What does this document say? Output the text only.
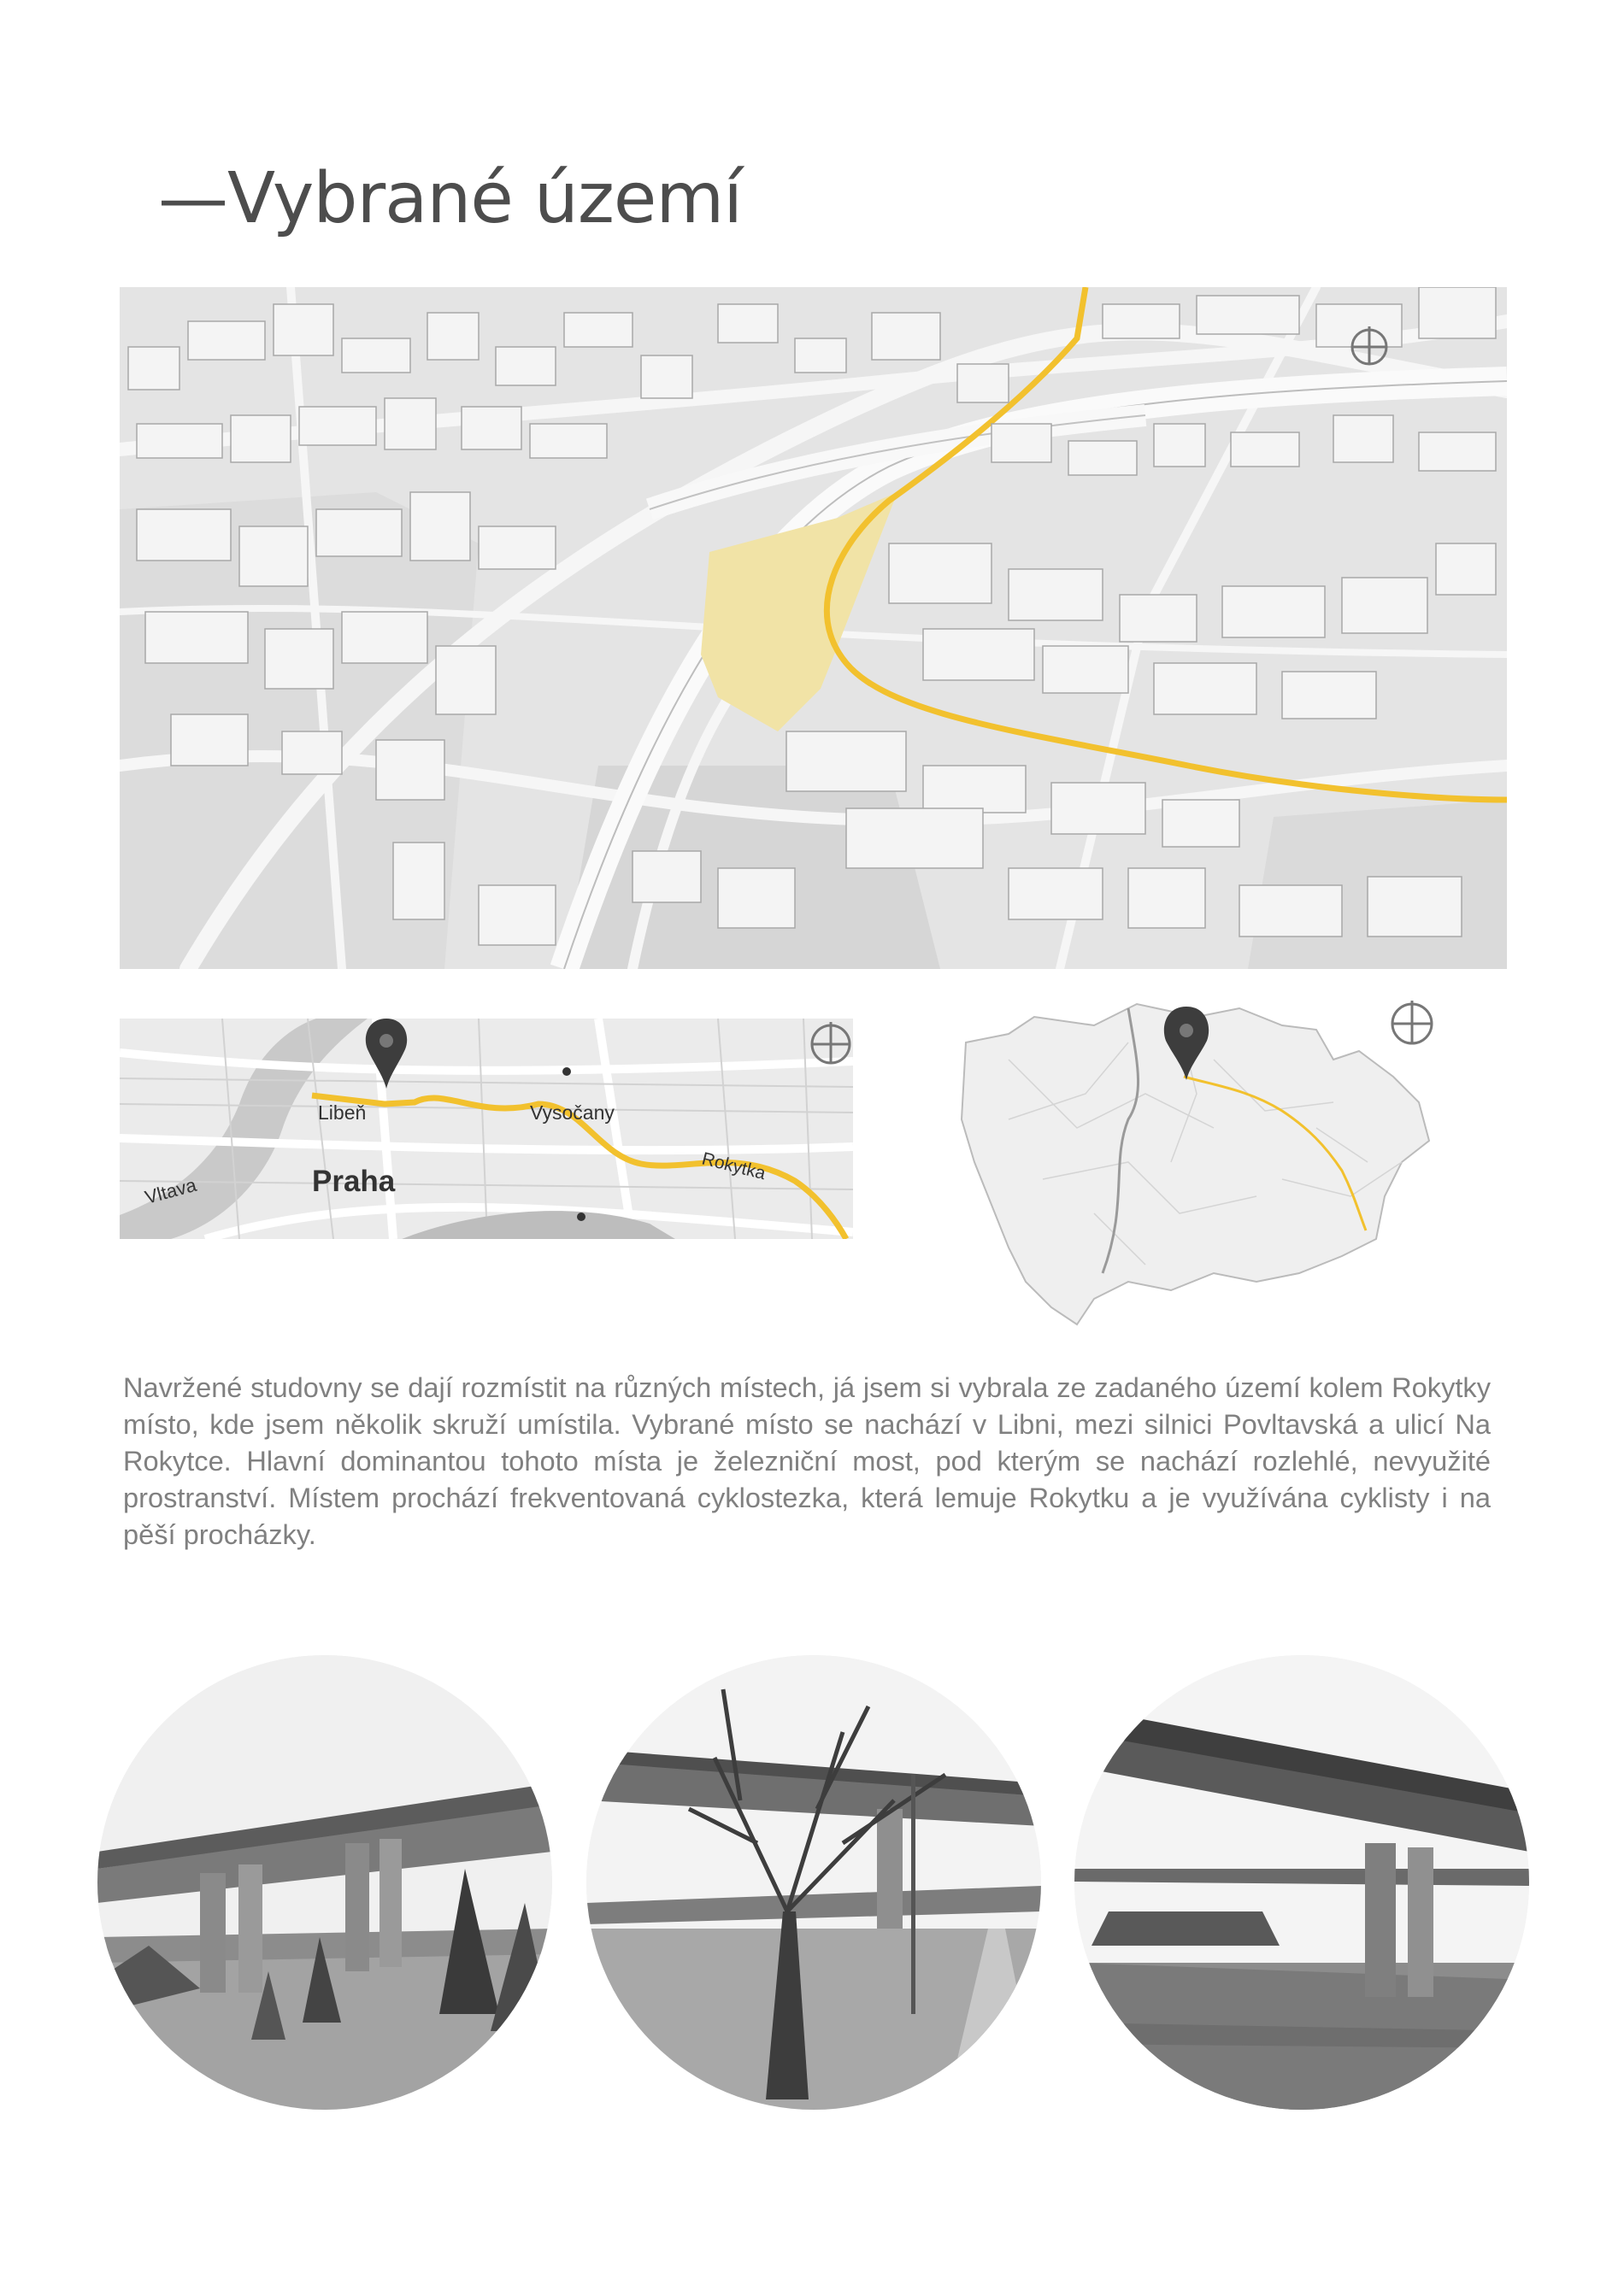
—Vybrané území
Libeň	Vysočany
Praha
Vltava
Rokytka

Navržené studovny se dají rozmístit na různých místech, já jsem si vybrala ze zadaného území kolem Rokytky místo, kde jsem několik skruží umístila. Vybrané místo se nachází v Libni, mezi silnici Povltavská a ulicí Na Rokytce. Hlavní dominantou tohoto místa je železniční most, pod kterým se nachází rozlehlé, nevyužité prostranství. Místem prochází frekventovaná cyklostezka, která lemuje Rokytku a je využívána cyklisty i na pěší procházky.
